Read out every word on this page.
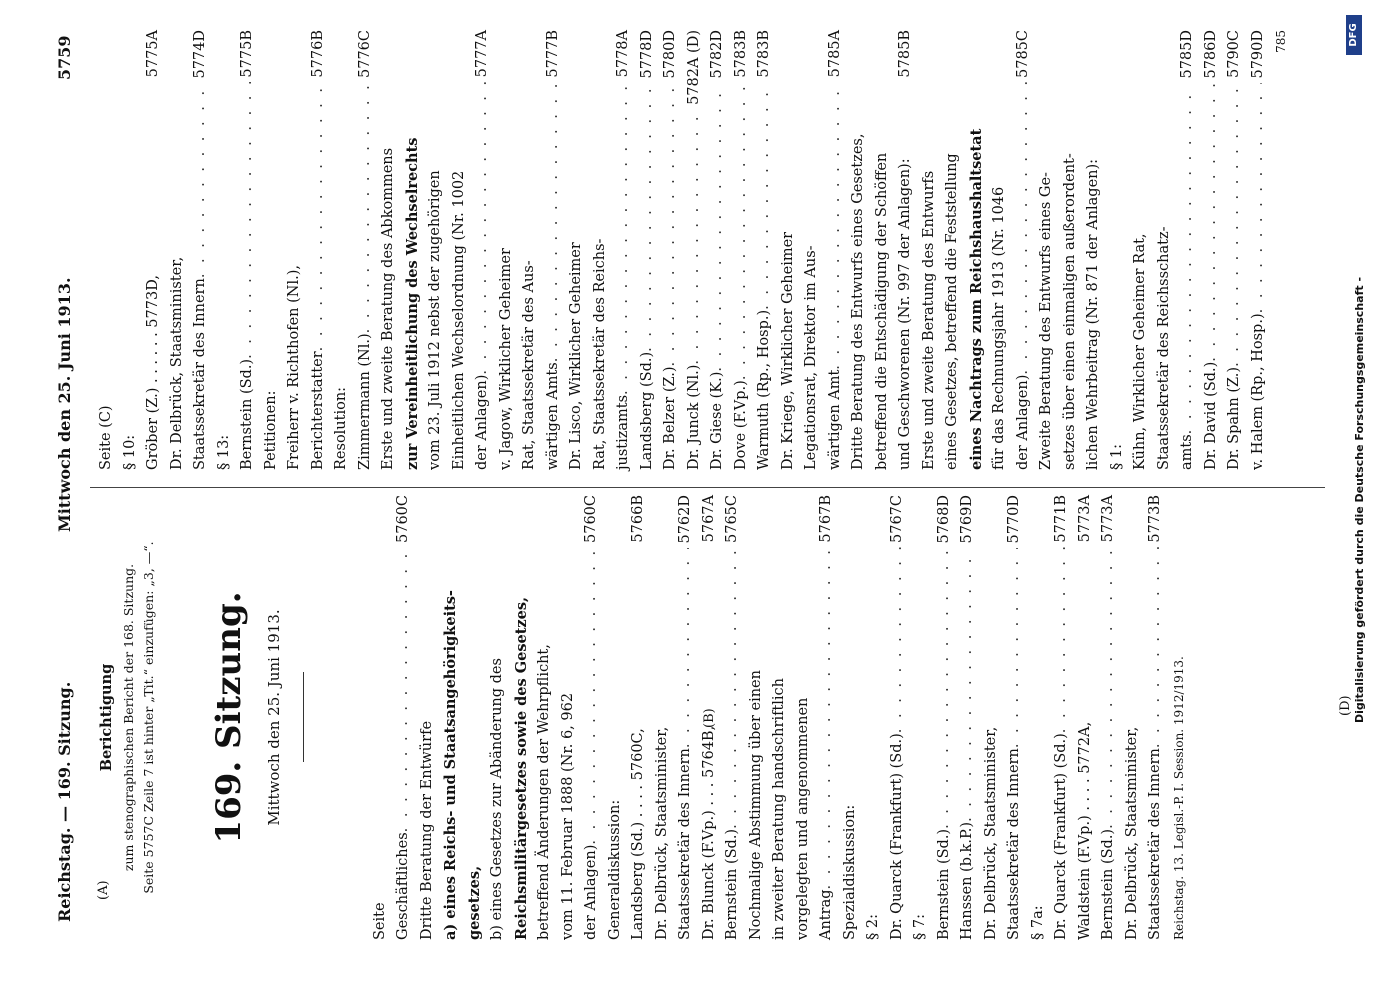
Reichstag. — 169. Sitzung.
Mittwoch den 25. Juni 1913.
5759
(A)
(B)
(D)
Berichtigung zum stenographischen Bericht der 168. Sitzung. Seite 5757C Zeile 7 ist hinter „Tit.“ einzufügen: „3, —“. 169. Sitzung.	Mittwoch den 25. Juni 1913.
Seite Geschäftliches
. . .
5760C
Dritte Beratung der Entwürfe a) eines Reichs- und Staatsangehörigkeits- gesetzes, b) eines Gesetzes zur Abänderung des Reichsmilitärgesetzes sowie des Gesetzes, betreffend Änderungen der Wehrpflicht, vom 11. Februar 1888 (Nr. 6, 962 der Anlagen)
. . .
5760C
Generaldiskussion: Landsberg (Sd.) . . . . 5760C,
5766B
Dr. Delbrück, Staatsminister, Staatssekretär des Innern
. . .
5762D
Dr. Blunck (F.Vp.) . . . 5764B,
5767A
Bernstein (Sd.)
. . .
5765C
Nochmalige Abstimmung über einen in zweiter Beratung handschriftlich vorgelegten und angenommenen Antrag
. . .
5767B
Spezialdiskussion: § 2: Dr. Quarck (Frankfurt) (Sd.)
. . .
5767C
§ 7: Bernstein (Sd.)
. . .
5768D
Hanssen (b.k.P.)
. . .
5769D
Dr. Delbrück, Staatsminister, Staatssekretär des Innern
. . .
5770D
§ 7a: Dr. Quarck (Frankfurt) (Sd.)
. . .
5771B
Waldstein (F.Vp.) . . . . 5772A,
5773A
Bernstein (Sd.)
. . .
5773A
Dr. Delbrück, Staatsminister, Staatssekretär des Innern
. . .
5773B
Reichstag. 13. Legisl.-P. I. Session. 1912/1913.
Seite (C) § 10: Gröber (Z.) . . . . . . 5773D,
5775A
Dr. Delbrück, Staatsminister, Staatssekretär des Innern
. . .
5774D
§ 13: Bernstein (Sd.)
. . .
5775B
Petitionen: Freiherr v. Richthofen (Nl.), Berichterstatter
. . .
5776B
Resolution: Zimmermann (Nl.)
. . .
5776C
Erste und zweite Beratung des Abkommens zur Vereinheitlichung des Wechselrechts vom 23. Juli 1912 nebst der zugehörigen Einheitlichen Wechselordnung (Nr. 1002 der Anlagen)
. . .
5777A
v. Jagow, Wirklicher Geheimer Rat, Staatssekretär des Aus- wärtigen Amts
. . .
5777B
Dr. Lisco, Wirklicher Geheimer Rat, Staatssekretär des Reichs- justizamts
. . .
5778A
Landsberg (Sd.)
. . .
5778D
Dr. Belzer (Z.)
. . .
5780D
Dr. Junck (Nl.)
. . .
5782A (D)
Dr. Giese (K.)
. . .
5782D
Dove (F.Vp.)
. . .
5783B
Warmuth (Rp., Hosp.)
. . .
5783B
Dr. Kriege, Wirklicher Geheimer Legationsrat, Direktor im Aus- wärtigen Amt
. . .
5785A
Dritte Beratung des Entwurfs eines Gesetzes, betreffend die Entschädigung der Schöffen und Geschworenen (Nr. 997 der Anlagen):
5785B
Erste und zweite Beratung des Entwurfs eines Gesetzes, betreffend die Feststellung eines Nachtrags zum Reichshaushaltsetat für das Rechnungsjahr 1913 (Nr. 1046 der Anlagen)
. . .
5785C
Zweite Beratung des Entwurfs eines Ge- setzes über einen einmaligen außerordent- lichen Wehrbeitrag (Nr. 871 der Anlagen): § 1: Kühn, Wirklicher Geheimer Rat, Staatssekretär des Reichsschatz- amts
. . .
5785D
Dr. David (Sd.)
. . .
5786D
Dr. Spahn (Z.)
. . .
5790C
v. Halem (Rp., Hosp.)
. . .
5790D 785
Digitalisierung gefördert durch die Deutsche Forschungsgemeinschaft -
DFG
